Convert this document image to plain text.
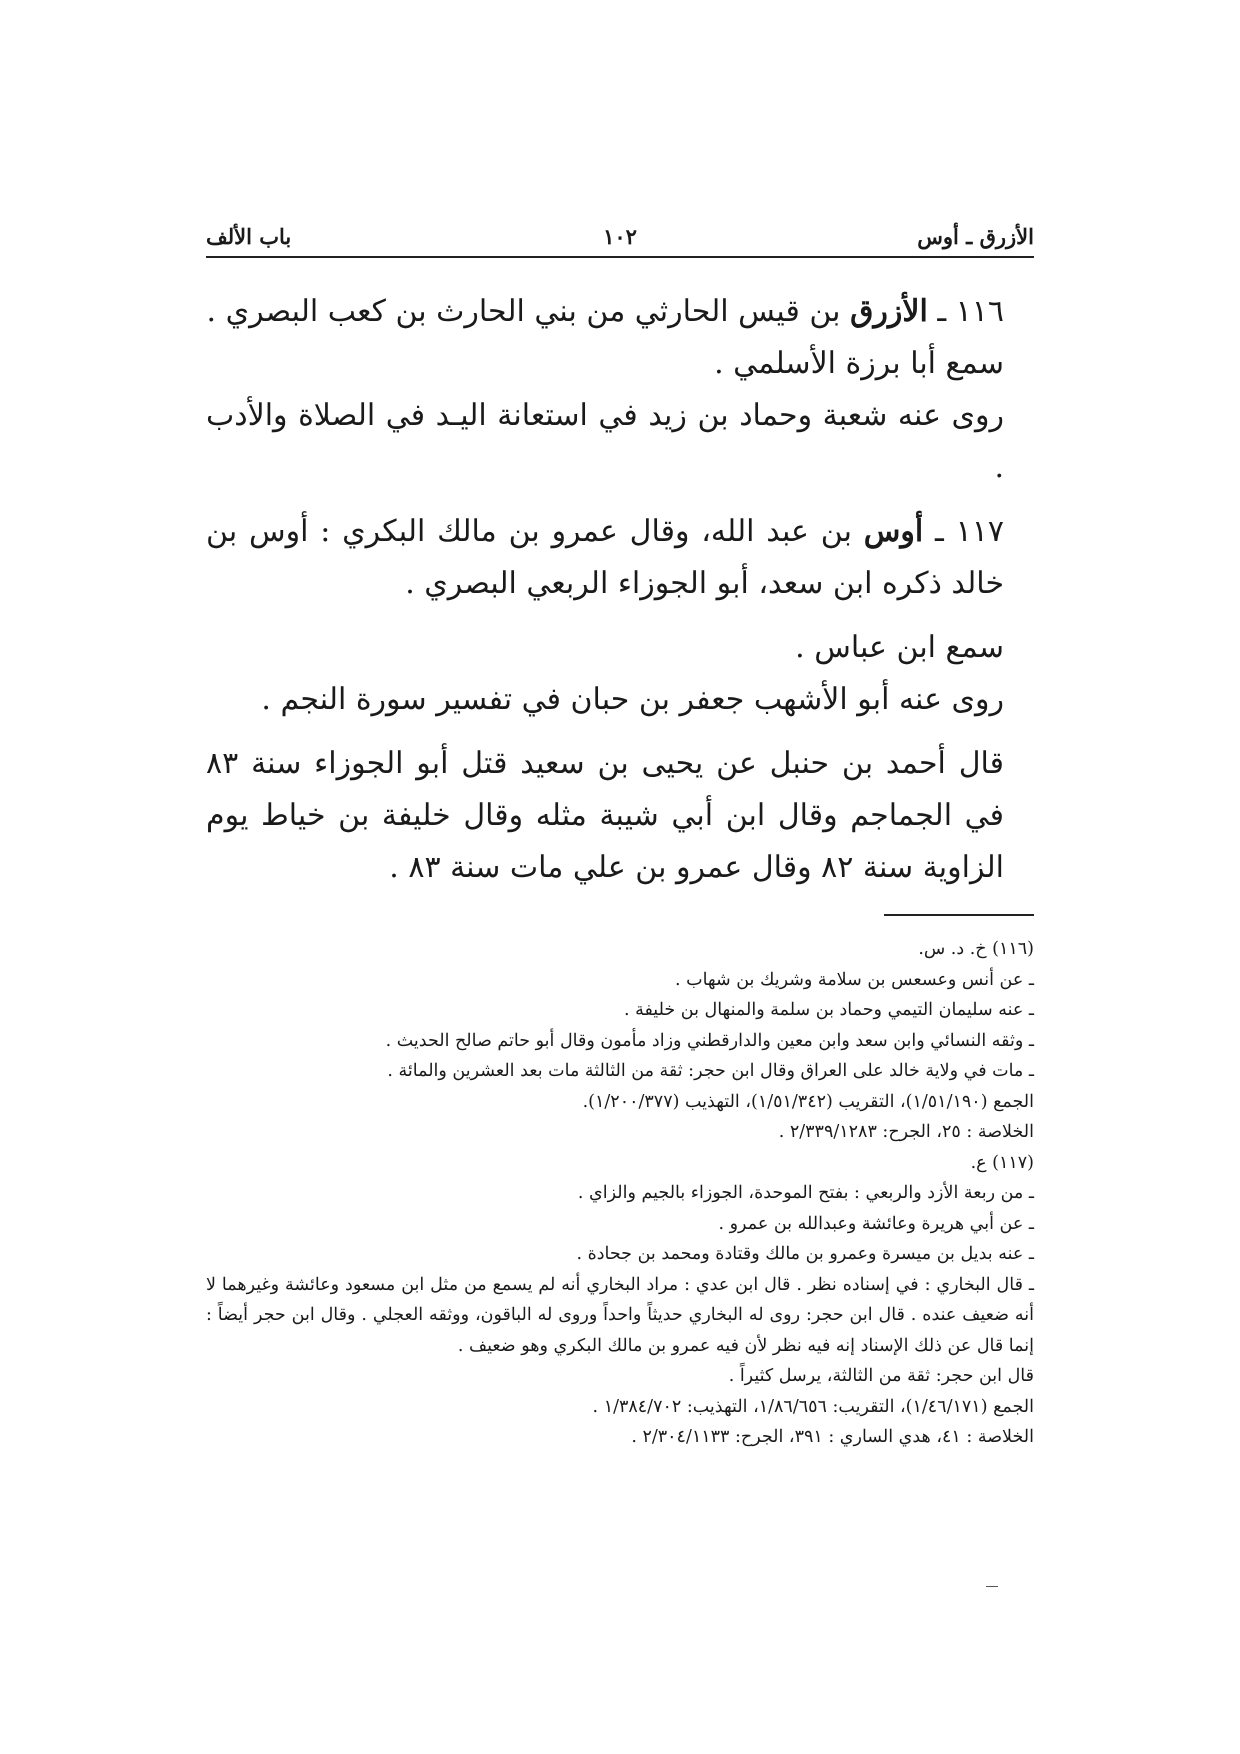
الأزرق ـ أوس
١٠٢
باب الألف

١١٦ ـ الأزرق بن قيس الحارثي من بني الحارث بن كعب البصري .

سمع أبا برزة الأسلمي .

روى عنه شعبة وحماد بن زيد في استعانة اليـد في الصلاة والأدب .

١١٧ ـ أوس بن عبد الله، وقال عمرو بن مالك البكري : أوس بن خالد ذكره ابن سعد، أبو الجوزاء الربعي البصري .

سمع ابن عباس .

روى عنه أبو الأشهب جعفر بن حبان في تفسير سورة النجم .

قال أحمد بن حنبل عن يحيى بن سعيد قتل أبو الجوزاء سنة ٨٣ في الجماجم وقال ابن أبي شيبة مثله وقال خليفة بن خياط يوم الزاوية سنة ٨٢ وقال عمرو بن علي مات سنة ٨٣ .

(١١٦) خ. د. س.

ـ عن أنس وعسعس بن سلامة وشريك بن شهاب .

ـ عنه سليمان التيمي وحماد بن سلمة والمنهال بن خليفة .

ـ وثقه النسائي وابن سعد وابن معين والدارقطني وزاد مأمون وقال أبو حاتم صالح الحديث .

ـ مات في ولاية خالد على العراق وقال ابن حجر: ثقة من الثالثة مات بعد العشرين والمائة .

الجمع (١/٥١/١٩٠)، التقريب (١/٥١/٣٤٢)، التهذيب (١/٢٠٠/٣٧٧).

الخلاصة : ٢٥، الجرح: ٢/٣٣٩/١٢٨٣ .

(١١٧) ع.

ـ من ربعة الأزد والربعي : بفتح الموحدة، الجوزاء بالجيم والزاي .

ـ عن أبي هريرة وعائشة وعبدالله بن عمرو .

ـ عنه بديل بن ميسرة وعمرو بن مالك وقتادة ومحمد بن جحادة .

ـ قال البخاري : في إسناده نظر . قال ابن عدي : مراد البخاري أنه لم يسمع من مثل ابن مسعود وعائشة وغيرهما لا أنه ضعيف عنده . قال ابن حجر: روى له البخاري حديثاً واحداً وروى له الباقون، ووثقه العجلي . وقال ابن حجر أيضاً : إنما قال عن ذلك الإسناد إنه فيه نظر لأن فيه عمرو بن مالك البكري وهو ضعيف .

قال ابن حجر: ثقة من الثالثة، يرسل كثيراً .

الجمع (١/٤٦/١٧١)، التقريب: ١/٨٦/٦٥٦، التهذيب: ١/٣٨٤/٧٠٢ .

الخلاصة : ٤١، هدي الساري : ٣٩١، الجرح: ٢/٣٠٤/١١٣٣ .
